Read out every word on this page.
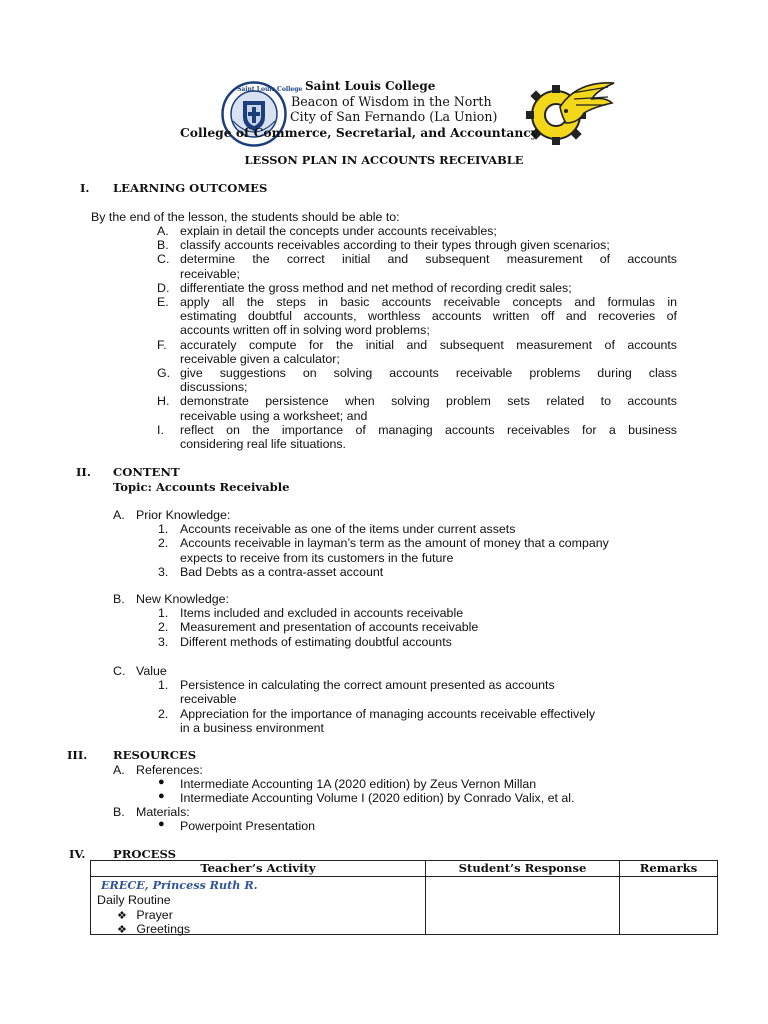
Saint Louis College Saint Louis College
Beacon of Wisdom in the North
City of San Fernando (La Union)
College of Commerce, Secretarial, and Accountancy
LESSON PLAN IN ACCOUNTS RECEIVABLE
I. LEARNING OUTCOMES
By the end of the lesson, the students should be able to:
A. explain in detail the concepts under accounts receivables;
B. classify accounts receivables according to their types through given scenarios;
C. determine the correct initial and subsequent measurement of accounts
receivable;
D. differentiate the gross method and net method of recording credit sales;
E. apply all the steps in basic accounts receivable concepts and formulas in
estimating doubtful accounts, worthless accounts written off and recoveries of
accounts written off in solving word problems;
F. accurately compute for the initial and subsequent measurement of accounts
receivable given a calculator;
G. give suggestions on solving accounts receivable problems during class
discussions;
H. demonstrate persistence when solving problem sets related to accounts
receivable using a worksheet; and
I. reflect on the importance of managing accounts receivables for a business
considering real life situations.
II. CONTENT
Topic: Accounts Receivable
A. Prior Knowledge:
1. Accounts receivable as one of the items under current assets
2. Accounts receivable in layman’s term as the amount of money that a company
expects to receive from its customers in the future
3. Bad Debts as a contra-asset account
B. New Knowledge:
1. Items included and excluded in accounts receivable
2. Measurement and presentation of accounts receivable
3. Different methods of estimating doubtful accounts
C. Value
1. Persistence in calculating the correct amount presented as accounts
receivable
2. Appreciation for the importance of managing accounts receivable effectively
in a business environment
III. RESOURCES
A. References:
B. Materials:
● Intermediate Accounting 1A (2020 edition) by Zeus Vernon Millan
● Intermediate Accounting Volume I (2020 edition) by Conrado Valix, et al.
● Powerpoint Presentation
IV. PROCESS
Teacher’s Activity	Student’s Response	Remarks

ERECE, Princess Ruth R.
Daily Routine
❖ Prayer
❖ Greetings		
